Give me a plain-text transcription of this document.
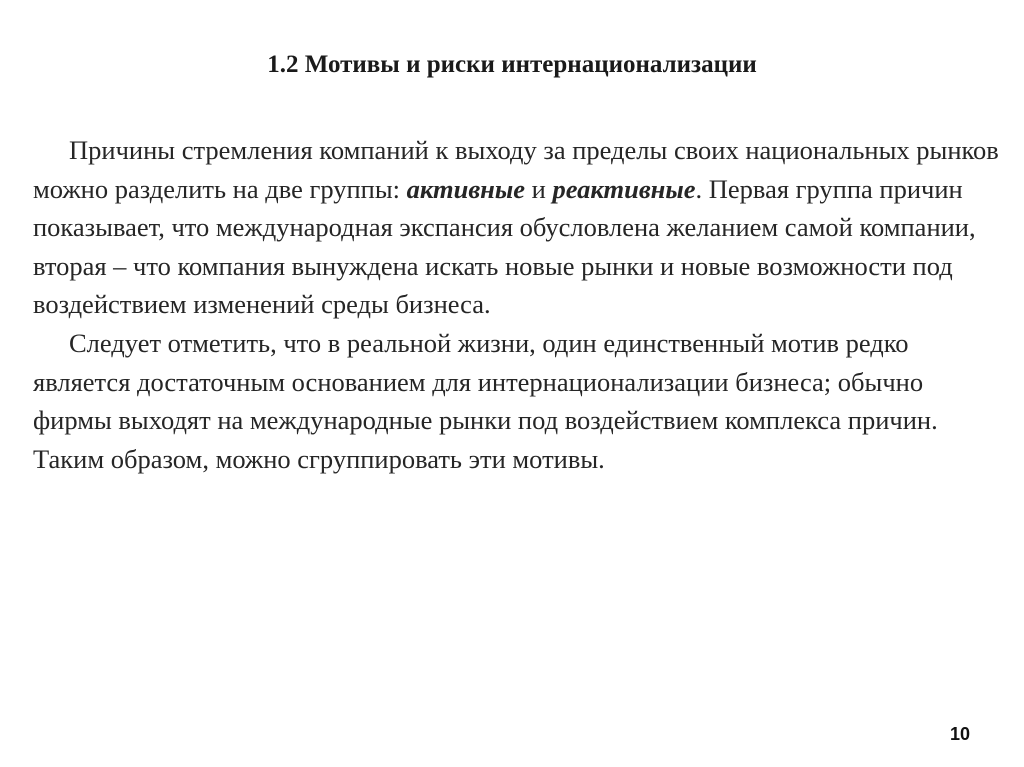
1.2 Мотивы и риски интернационализации

Причины стремления компаний к выходу за пределы своих национальных рынков можно разделить на две группы: активные и реактивные. Первая группа причин показывает, что международная экспансия обусловлена желанием самой компании, вторая – что компания вынуждена искать новые рынки и новые возможности под воздействием изменений среды бизнеса.

Следует отметить, что в реальной жизни, один единственный мотив редко является достаточным основанием для интернационализации бизнеса; обычно фирмы выходят на международные рынки под воздействием комплекса причин. Таким образом, можно сгруппировать эти мотивы.

10
